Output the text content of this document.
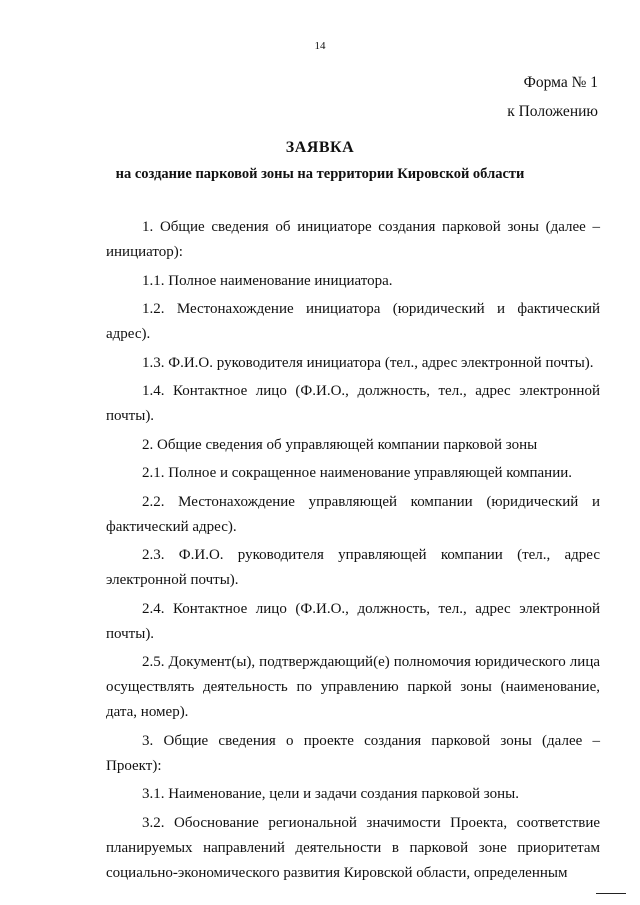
14
Форма № 1
к Положению
ЗАЯВКА
на создание парковой зоны на территории Кировской области

1. Общие сведения об инициаторе создания парковой зоны (далее – инициатор):

1.1. Полное наименование инициатора.

1.2. Местонахождение инициатора (юридический и фактический адрес).

1.3. Ф.И.О. руководителя инициатора (тел., адрес электронной почты).

1.4. Контактное лицо (Ф.И.О., должность, тел., адрес электронной почты).

2. Общие сведения об управляющей компании парковой зоны

2.1. Полное и сокращенное наименование управляющей компании.

2.2. Местонахождение управляющей компании (юридический и фактический адрес).

2.3. Ф.И.О. руководителя управляющей компании (тел., адрес электронной почты).

2.4. Контактное лицо (Ф.И.О., должность, тел., адрес электронной почты).

2.5. Документ(ы), подтверждающий(е) полномочия юридического лица осуществлять деятельность по управлению паркой зоны (наименование, дата, номер).

3. Общие сведения о проекте создания парковой зоны (далее – Проект):

3.1. Наименование, цели и задачи создания парковой зоны.

3.2. Обоснование региональной значимости Проекта, соответствие планируемых направлений деятельности в парковой зоне приоритетам социально-экономического развития Кировской области, определенным
